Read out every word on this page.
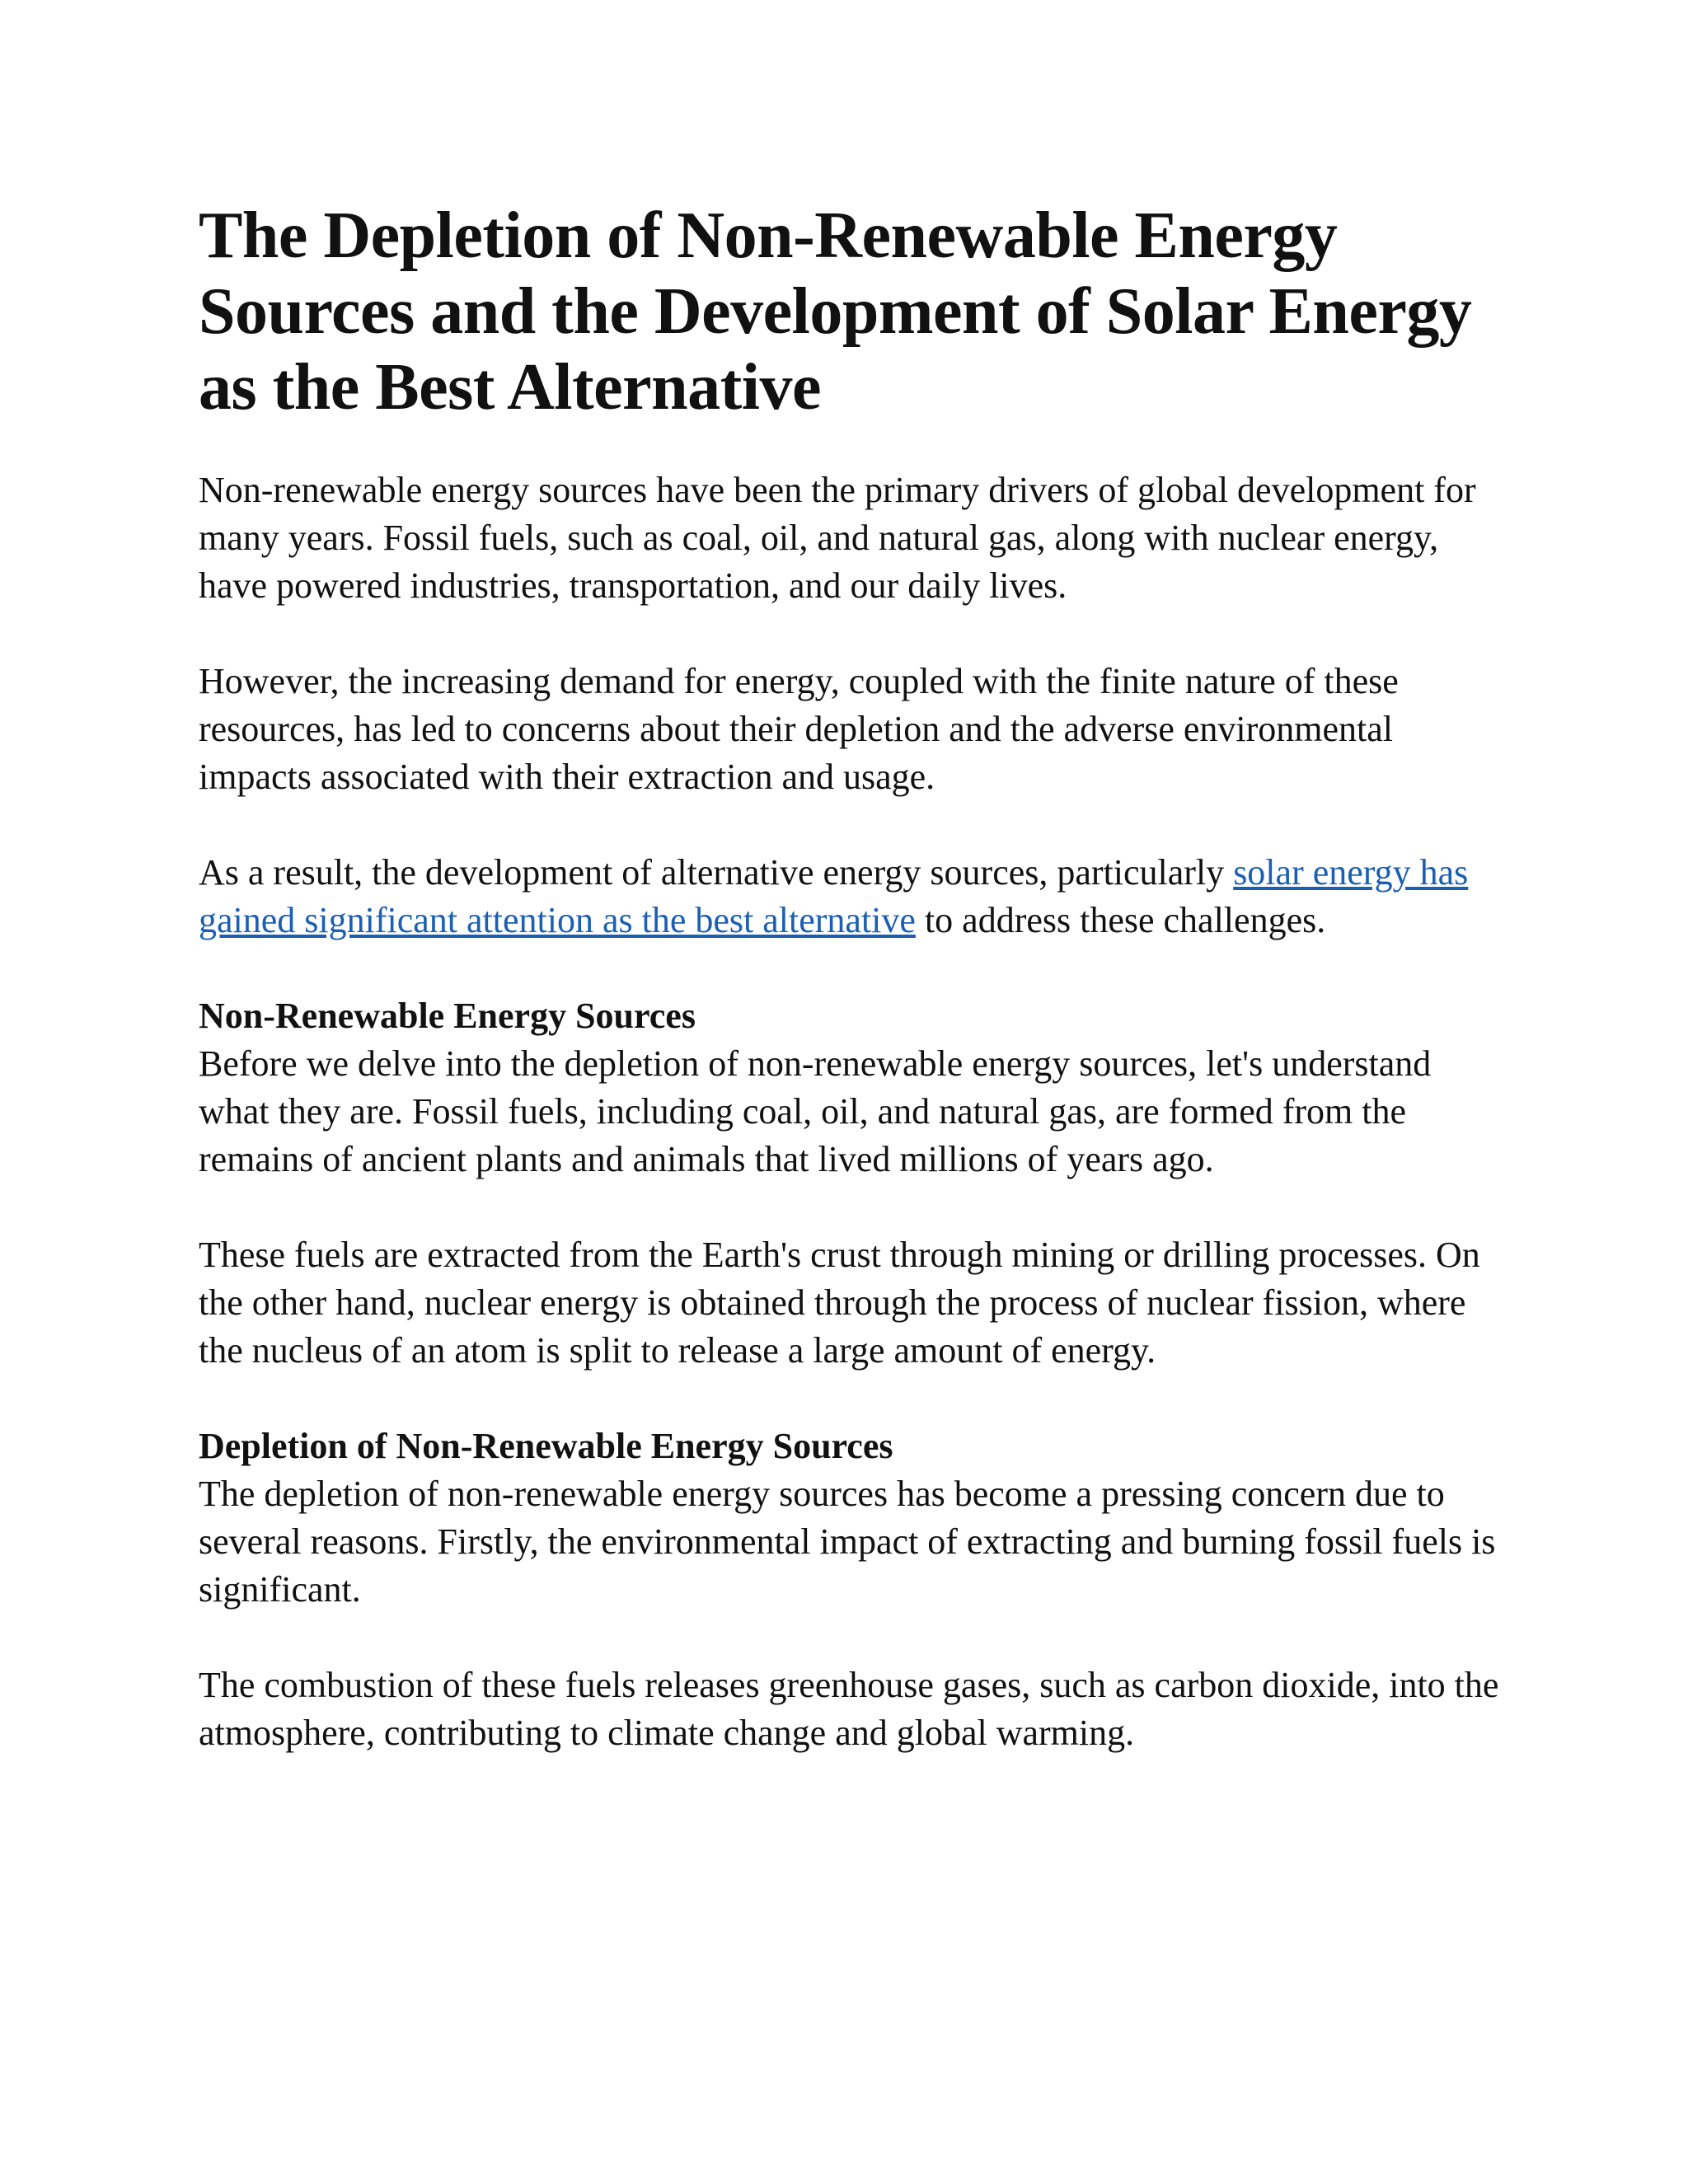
The Depletion of Non-Renewable Energy Sources and the Development of Solar Energy as the Best Alternative

Non-renewable energy sources have been the primary drivers of global development for many years. Fossil fuels, such as coal, oil, and natural gas, along with nuclear energy, have powered industries, transportation, and our daily lives.

However, the increasing demand for energy, coupled with the finite nature of these resources, has led to concerns about their depletion and the adverse environmental impacts associated with their extraction and usage.

As a result, the development of alternative energy sources, particularly solar energy has gained significant attention as the best alternative to address these challenges.

Non-Renewable Energy Sources

Before we delve into the depletion of non-renewable energy sources, let's understand what they are. Fossil fuels, including coal, oil, and natural gas, are formed from the remains of ancient plants and animals that lived millions of years ago.

These fuels are extracted from the Earth's crust through mining or drilling processes. On the other hand, nuclear energy is obtained through the process of nuclear fission, where the nucleus of an atom is split to release a large amount of energy.

Depletion of Non-Renewable Energy Sources

The depletion of non-renewable energy sources has become a pressing concern due to several reasons. Firstly, the environmental impact of extracting and burning fossil fuels is significant.

The combustion of these fuels releases greenhouse gases, such as carbon dioxide, into the atmosphere, contributing to climate change and global warming.
